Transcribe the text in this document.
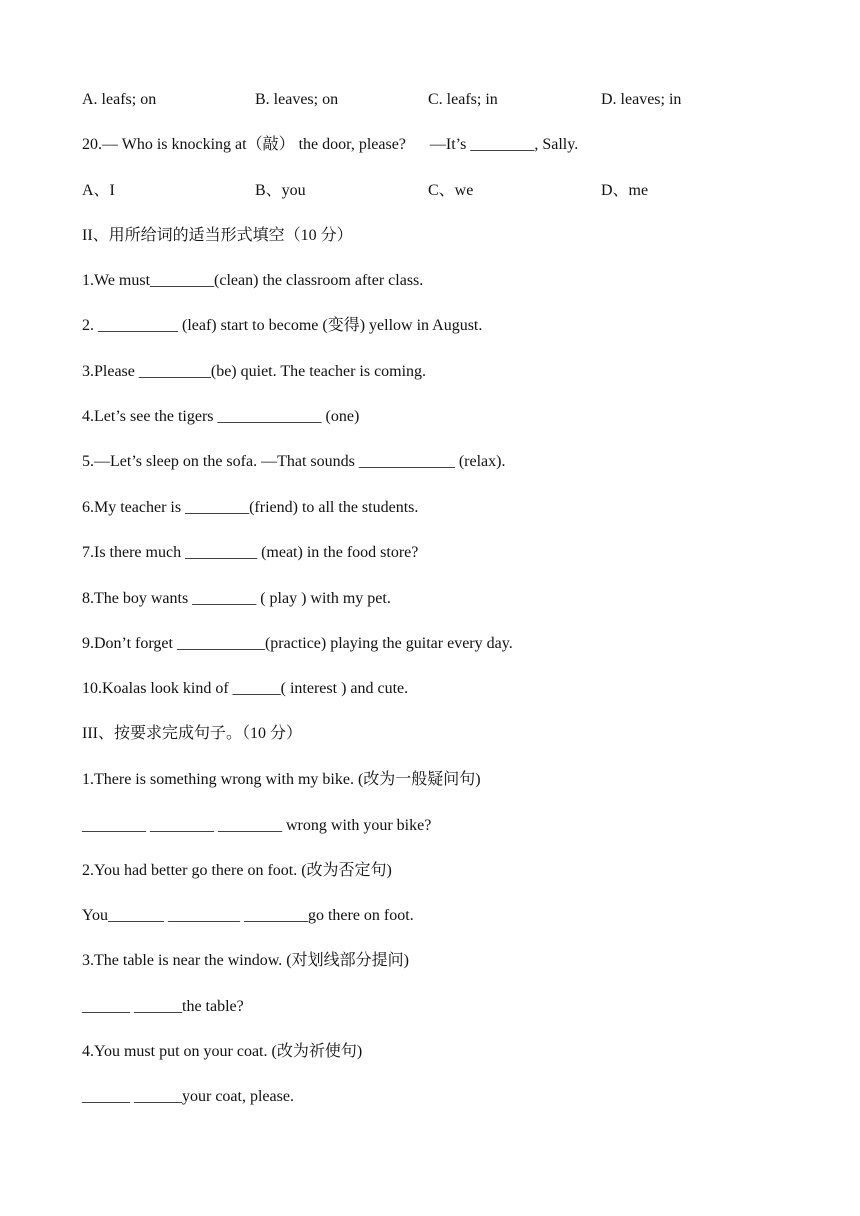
A. leafs; on

	B. leaves; on

	C. leafs; in

	D. leaves; in

20.— Who is knocking at（敲） the door, please?      —It’s ________, Sally.

A、I

	B、you

	C、we

	D、me

II、用所给词的适当形式填空（10 分）
1.We must________(clean) the classroom after class.
2. __________ (leaf) start to become (变得) yellow in August.
3.Please _________(be) quiet. The teacher is coming.
4.Let’s see the tigers _____________ (one)
5.—Let’s sleep on the sofa. —That sounds ____________ (relax).
6.My teacher is ________(friend) to all the students.
7.Is there much _________ (meat) in the food store?
8.The boy wants ________ ( play ) with my pet.
9.Don’t forget ___________(practice) playing the guitar every day.
10.Koalas look kind of ______( interest ) and cute.
III、按要求完成句子。（10 分）
1.There is something wrong with my bike. (改为一般疑问句)
________ ________ ________ wrong with your bike?
2.You had better go there on foot. (改为否定句)
You_______ _________ ________go there on foot.
3.The table is near the window. (对划线部分提问)
______ ______the table?
4.You must put on your coat. (改为祈使句)
______ ______your coat, please.
